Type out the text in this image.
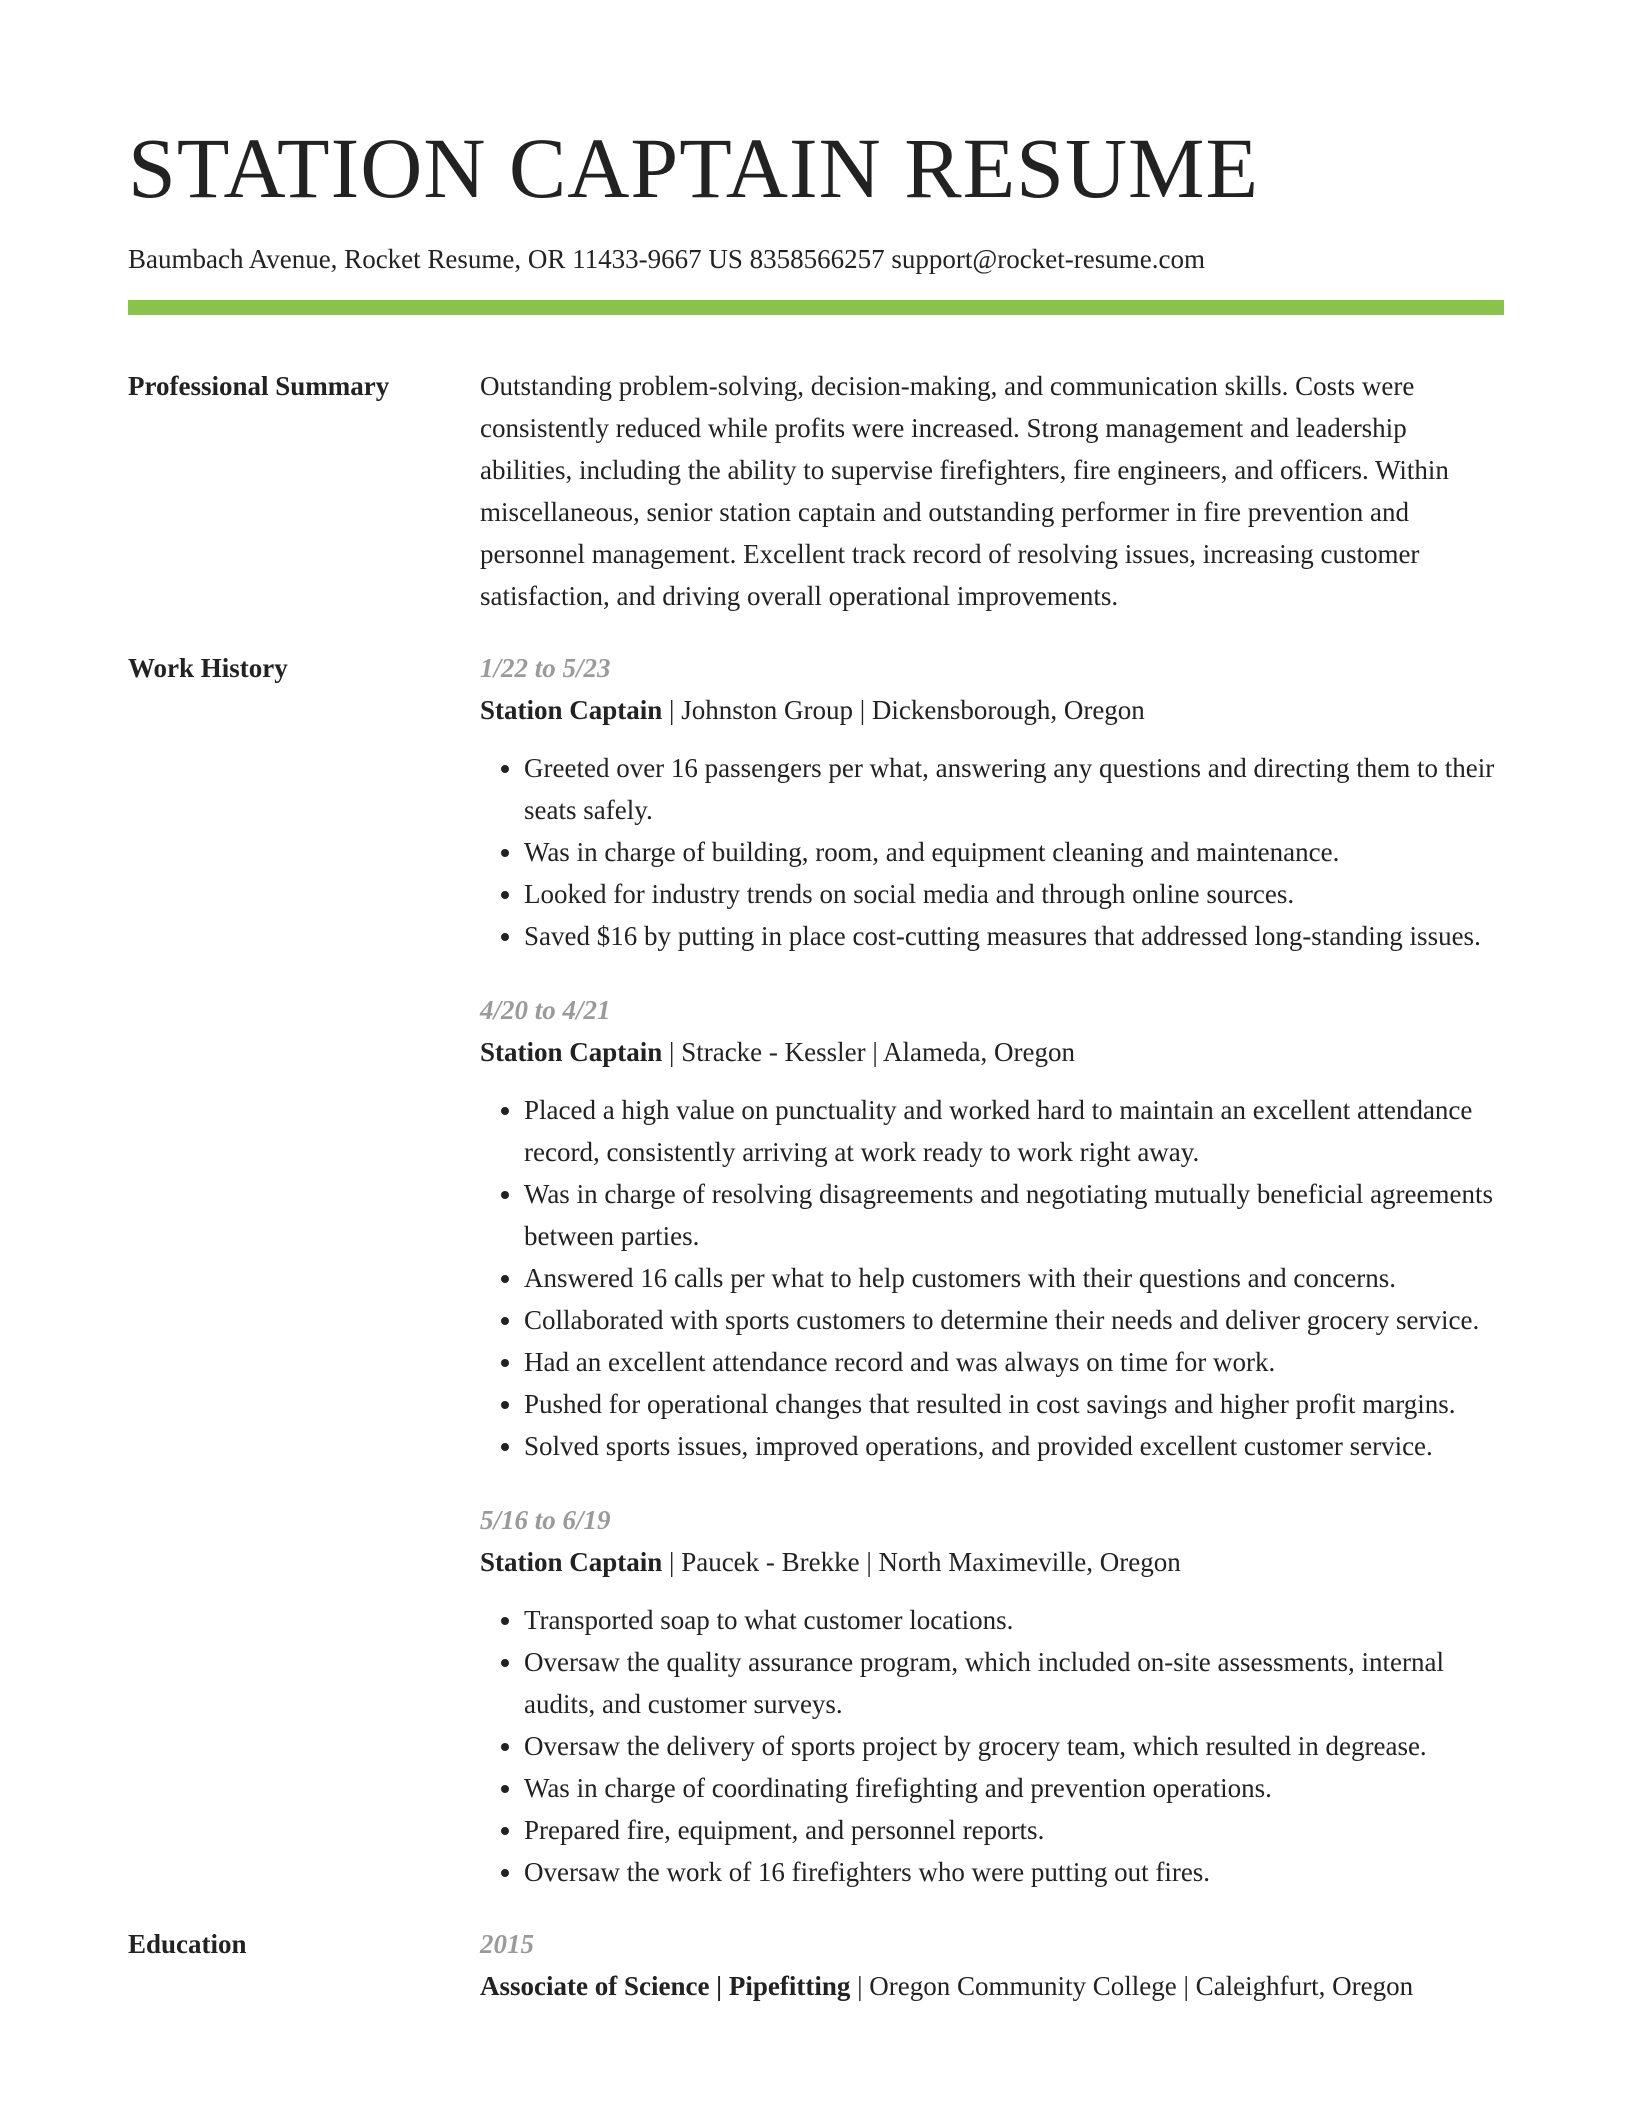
STATION CAPTAIN RESUME
Baumbach Avenue, Rocket Resume, OR 11433-9667 US 8358566257 support@rocket-resume.com
Professional Summary	Outstanding problem-solving, decision-making, and communication skills. Costs were consistently reduced while profits were increased. Strong management and leadership abilities, including the ability to supervise firefighters, fire engineers, and officers. Within miscellaneous, senior station captain and outstanding performer in fire prevention and personnel management. Excellent track record of resolving issues, increasing customer satisfaction, and driving overall operational improvements.

Work History	1/22 to 5/23
Station Captain | Johnston Group | Dickensborough, Oregon
• Greeted over 16 passengers per what, answering any questions and directing them to their seats safely.
• Was in charge of building, room, and equipment cleaning and maintenance.
• Looked for industry trends on social media and through online sources.
• Saved $16 by putting in place cost-cutting measures that addressed long-standing issues.
4/20 to 4/21
Station Captain | Stracke - Kessler | Alameda, Oregon
• Placed a high value on punctuality and worked hard to maintain an excellent attendance record, consistently arriving at work ready to work right away.
• Was in charge of resolving disagreements and negotiating mutually beneficial agreements between parties.
• Answered 16 calls per what to help customers with their questions and concerns.
• Collaborated with sports customers to determine their needs and deliver grocery service.
• Had an excellent attendance record and was always on time for work.
• Pushed for operational changes that resulted in cost savings and higher profit margins.
• Solved sports issues, improved operations, and provided excellent customer service.
5/16 to 6/19
Station Captain | Paucek - Brekke | North Maximeville, Oregon
• Transported soap to what customer locations.
• Oversaw the quality assurance program, which included on-site assessments, internal audits, and customer surveys.
• Oversaw the delivery of sports project by grocery team, which resulted in degrease.
• Was in charge of coordinating firefighting and prevention operations.
• Prepared fire, equipment, and personnel reports.
• Oversaw the work of 16 firefighters who were putting out fires.
Education	2015
Associate of Science | Pipefitting | Oregon Community College | Caleighfurt, Oregon
